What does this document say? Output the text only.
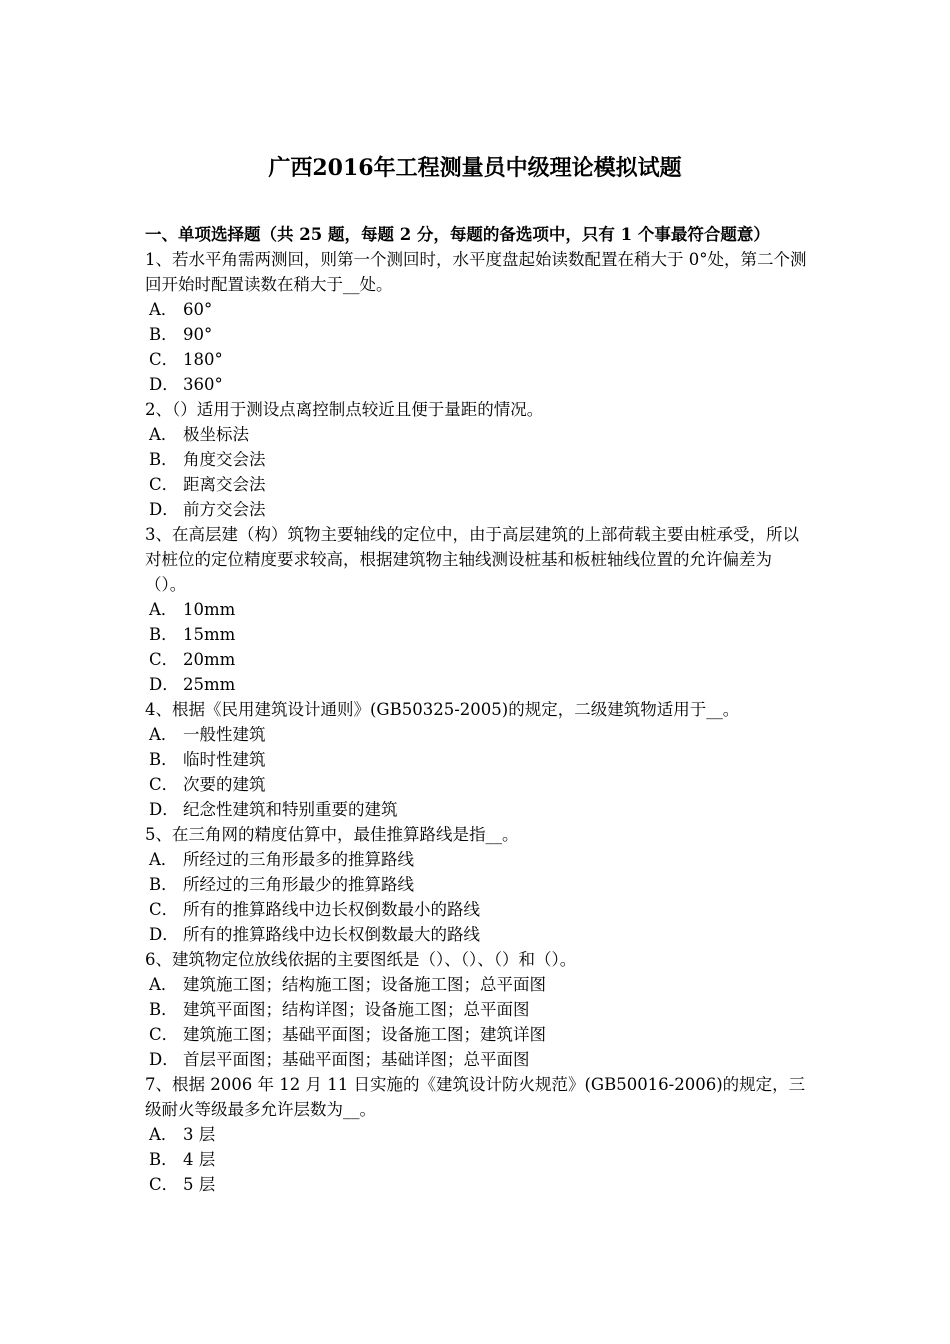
广西2016年工程测量员中级理论模拟试题
一、单项选择题（共 25 题，每题 2 分，每题的备选项中，只有 1 个事最符合题意）
1、若水平角需两测回，则第一个测回时，水平度盘起始读数配置在稍大于 0°处，第二个测回开始时配置读数在稍大于__处。
A． 60°
B． 90°
C． 180°
D． 360°
2、（）适用于测设点离控制点较近且便于量距的情况。
A． 极坐标法
B． 角度交会法
C． 距离交会法
D． 前方交会法
3、在高层建（构）筑物主要轴线的定位中，由于高层建筑的上部荷载主要由桩承受，所以对桩位的定位精度要求较高，根据建筑物主轴线测设桩基和板桩轴线位置的允许偏差为（）。
A． 10mm
B． 15mm
C． 20mm
D． 25mm
4、根据《民用建筑设计通则》(GB50325-2005)的规定，二级建筑物适用于__。
A． 一般性建筑
B． 临时性建筑
C． 次要的建筑
D． 纪念性建筑和特别重要的建筑
5、在三角网的精度估算中，最佳推算路线是指__。
A． 所经过的三角形最多的推算路线
B． 所经过的三角形最少的推算路线
C． 所有的推算路线中边长权倒数最小的路线
D． 所有的推算路线中边长权倒数最大的路线
6、建筑物定位放线依据的主要图纸是（）、（）、（）和（）。
A． 建筑施工图；结构施工图；设备施工图；总平面图
B． 建筑平面图；结构详图；设备施工图；总平面图
C． 建筑施工图；基础平面图；设备施工图；建筑详图
D． 首层平面图；基础平面图；基础详图；总平面图
7、根据 2006 年 12 月 11 日实施的《建筑设计防火规范》(GB50016-2006)的规定，三级耐火等级最多允许层数为__。
A． 3 层
B． 4 层
C． 5 层
